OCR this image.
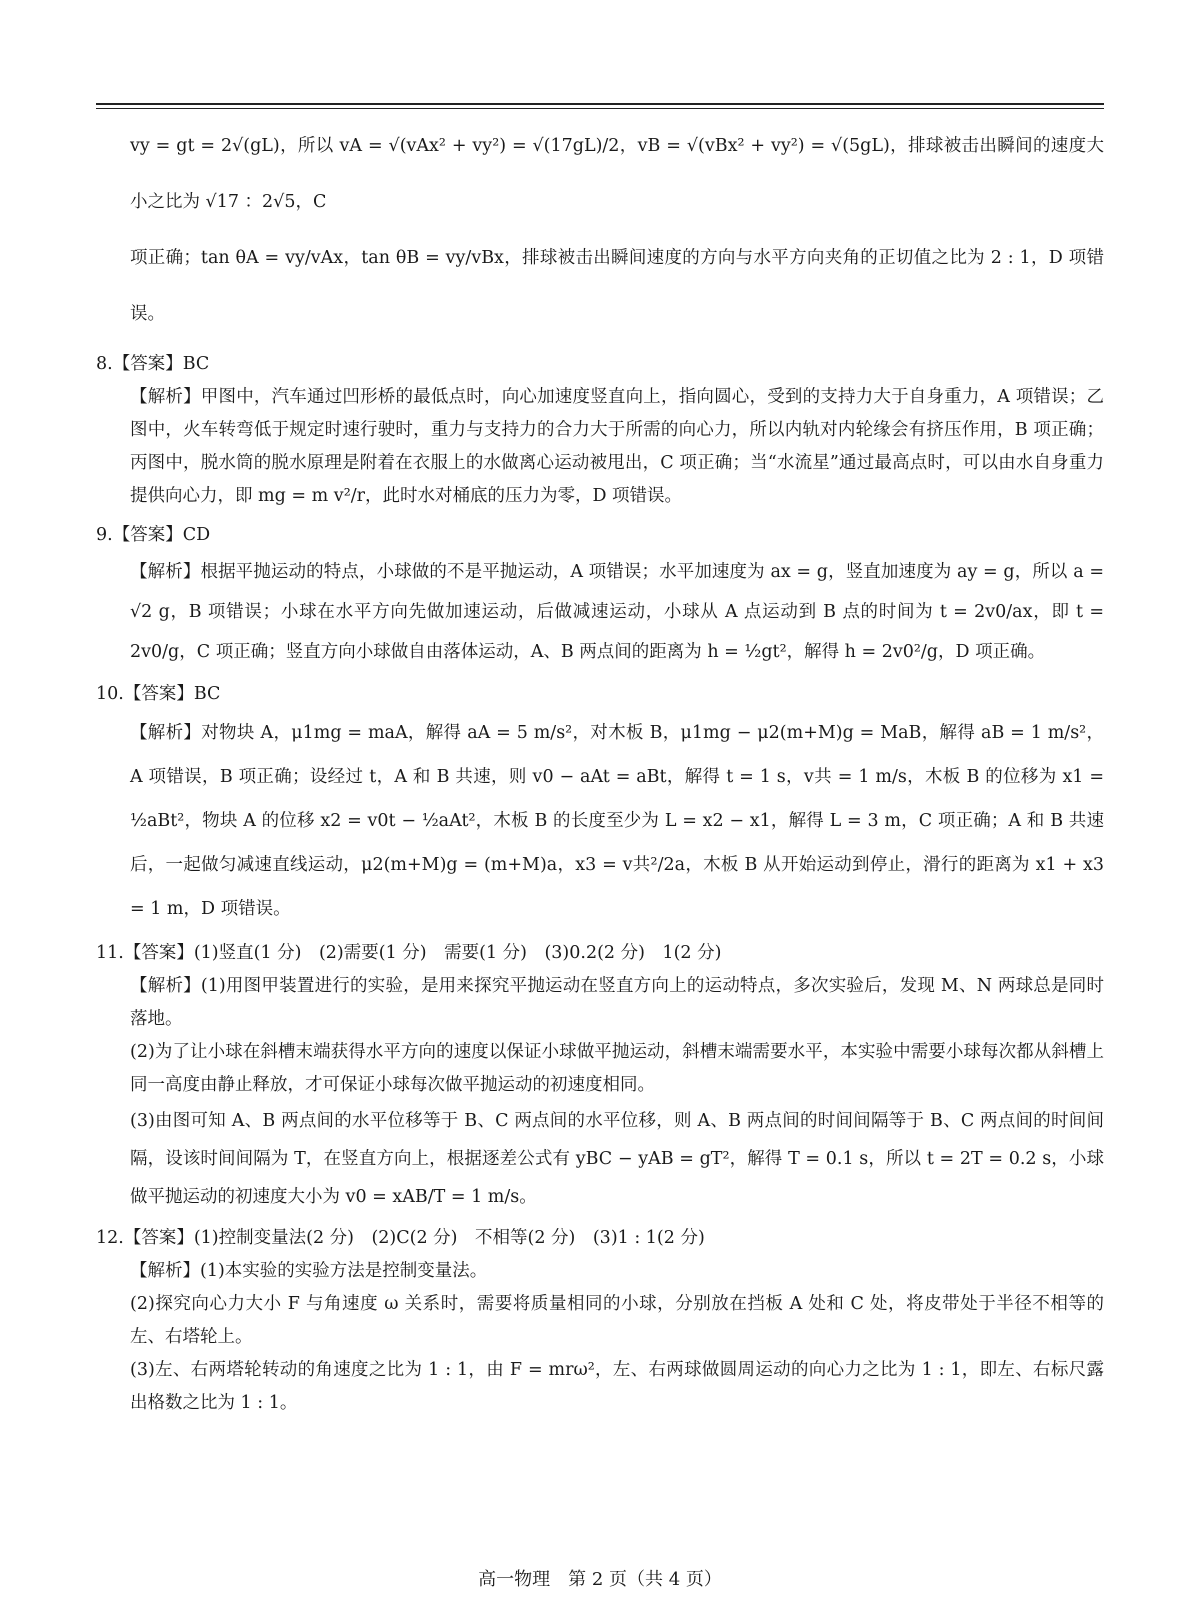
vy = gt = 2√(gL)，所以 vA = √(vAx² + vy²) = √(17gL)/2，vB = √(vBx² + vy²) = √(5gL)，排球被击出瞬间的速度大小之比为 √17 ：2√5，C

项正确；tan θA = vy/vAx，tan θB = vy/vBx，排球被击出瞬间速度的方向与水平方向夹角的正切值之比为 2 : 1，D 项错误。

8.【答案】BC

【解析】甲图中，汽车通过凹形桥的最低点时，向心加速度竖直向上，指向圆心，受到的支持力大于自身重力，A 项错误；乙图中，火车转弯低于规定时速行驶时，重力与支持力的合力大于所需的向心力，所以内轨对内轮缘会有挤压作用，B 项正确；丙图中，脱水筒的脱水原理是附着在衣服上的水做离心运动被甩出，C 项正确；当“水流星”通过最高点时，可以由水自身重力提供向心力，即 mg = m v²/r，此时水对桶底的压力为零，D 项错误。

9.【答案】CD

【解析】根据平抛运动的特点，小球做的不是平抛运动，A 项错误；水平加速度为 ax = g，竖直加速度为 ay = g，所以 a = √2 g，B 项错误；小球在水平方向先做加速运动，后做减速运动，小球从 A 点运动到 B 点的时间为 t = 2v0/ax，即 t = 2v0/g，C 项正确；竖直方向小球做自由落体运动，A、B 两点间的距离为 h = ½gt²，解得 h = 2v0²/g，D 项正确。

10.【答案】BC

【解析】对物块 A，μ1mg = maA，解得 aA = 5 m/s²，对木板 B，μ1mg − μ2(m+M)g = MaB，解得 aB = 1 m/s²，A 项错误，B 项正确；设经过 t，A 和 B 共速，则 v0 − aAt = aBt，解得 t = 1 s，v共 = 1 m/s，木板 B 的位移为 x1 = ½aBt²，物块 A 的位移 x2 = v0t − ½aAt²，木板 B 的长度至少为 L = x2 − x1，解得 L = 3 m，C 项正确；A 和 B 共速后，一起做匀减速直线运动，μ2(m+M)g = (m+M)a，x3 = v共²/2a，木板 B 从开始运动到停止，滑行的距离为 x1 + x3 = 1 m，D 项错误。

11.【答案】(1)竖直(1 分)　(2)需要(1 分)　需要(1 分)　(3)0.2(2 分)　1(2 分)

【解析】(1)用图甲装置进行的实验，是用来探究平抛运动在竖直方向上的运动特点，多次实验后，发现 M、N 两球总是同时落地。

(2)为了让小球在斜槽末端获得水平方向的速度以保证小球做平抛运动，斜槽末端需要水平，本实验中需要小球每次都从斜槽上同一高度由静止释放，才可保证小球每次做平抛运动的初速度相同。

(3)由图可知 A、B 两点间的水平位移等于 B、C 两点间的水平位移，则 A、B 两点间的时间间隔等于 B、C 两点间的时间间隔，设该时间间隔为 T，在竖直方向上，根据逐差公式有 yBC − yAB = gT²，解得 T = 0.1 s，所以 t = 2T = 0.2 s，小球做平抛运动的初速度大小为 v0 = xAB/T = 1 m/s。

12.【答案】(1)控制变量法(2 分)　(2)C(2 分)　不相等(2 分)　(3)1 : 1(2 分)

【解析】(1)本实验的实验方法是控制变量法。

(2)探究向心力大小 F 与角速度 ω 关系时，需要将质量相同的小球，分别放在挡板 A 处和 C 处，将皮带处于半径不相等的左、右塔轮上。

(3)左、右两塔轮转动的角速度之比为 1 : 1，由 F = mrω²，左、右两球做圆周运动的向心力之比为 1 : 1，即左、右标尺露出格数之比为 1 : 1。

高一物理　第 2 页（共 4 页）
